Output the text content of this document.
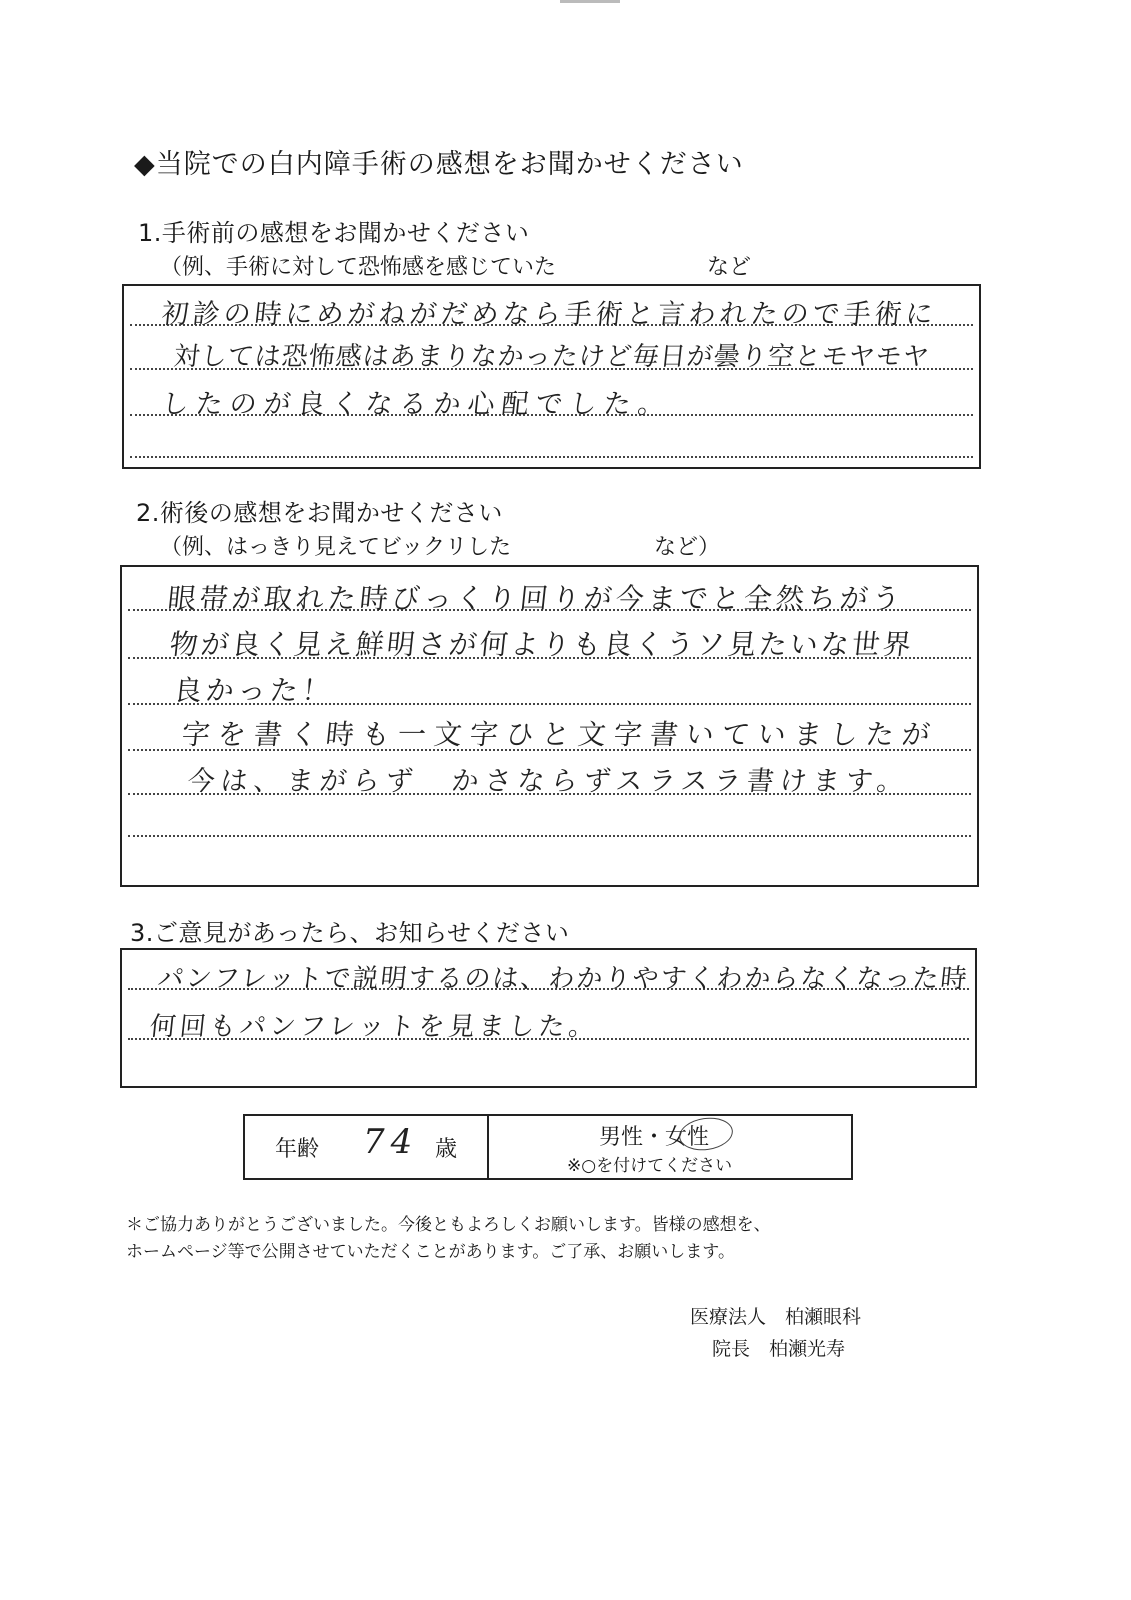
◆当院での白内障手術の感想をお聞かせください
1.手術前の感想をお聞かせください
（例、手術に対して恐怖感を感じていた	など
初診の時にめがねがだめなら手術と言われたので手術に
対しては恐怖感はあまりなかったけど毎日が曇り空とモヤモヤ
したのが良くなるか心配でした。
2.術後の感想をお聞かせください
（例、はっきり見えてビックリした	など）
眼帯が取れた時びっくり回りが今までと全然ちがう
物が良く見え鮮明さが何よりも良くうソ見たいな世界
良かった！
字を書く時も一文字ひと文字書いていましたが
今は、まがらず　かさならずスラスラ書けます。
3.ご意見があったら、お知らせください
パンフレットで説明するのは、わかりやすくわからなくなった時
何回もパンフレットを見ました。
年齢 74 歳	男性・女性
※○を付けてください
＊ご協力ありがとうございました。今後ともよろしくお願いします。皆様の感想を、
ホームページ等で公開させていただくことがあります。ご了承、お願いします。
医療法人　柏瀬眼科
院長　柏瀬光寿
